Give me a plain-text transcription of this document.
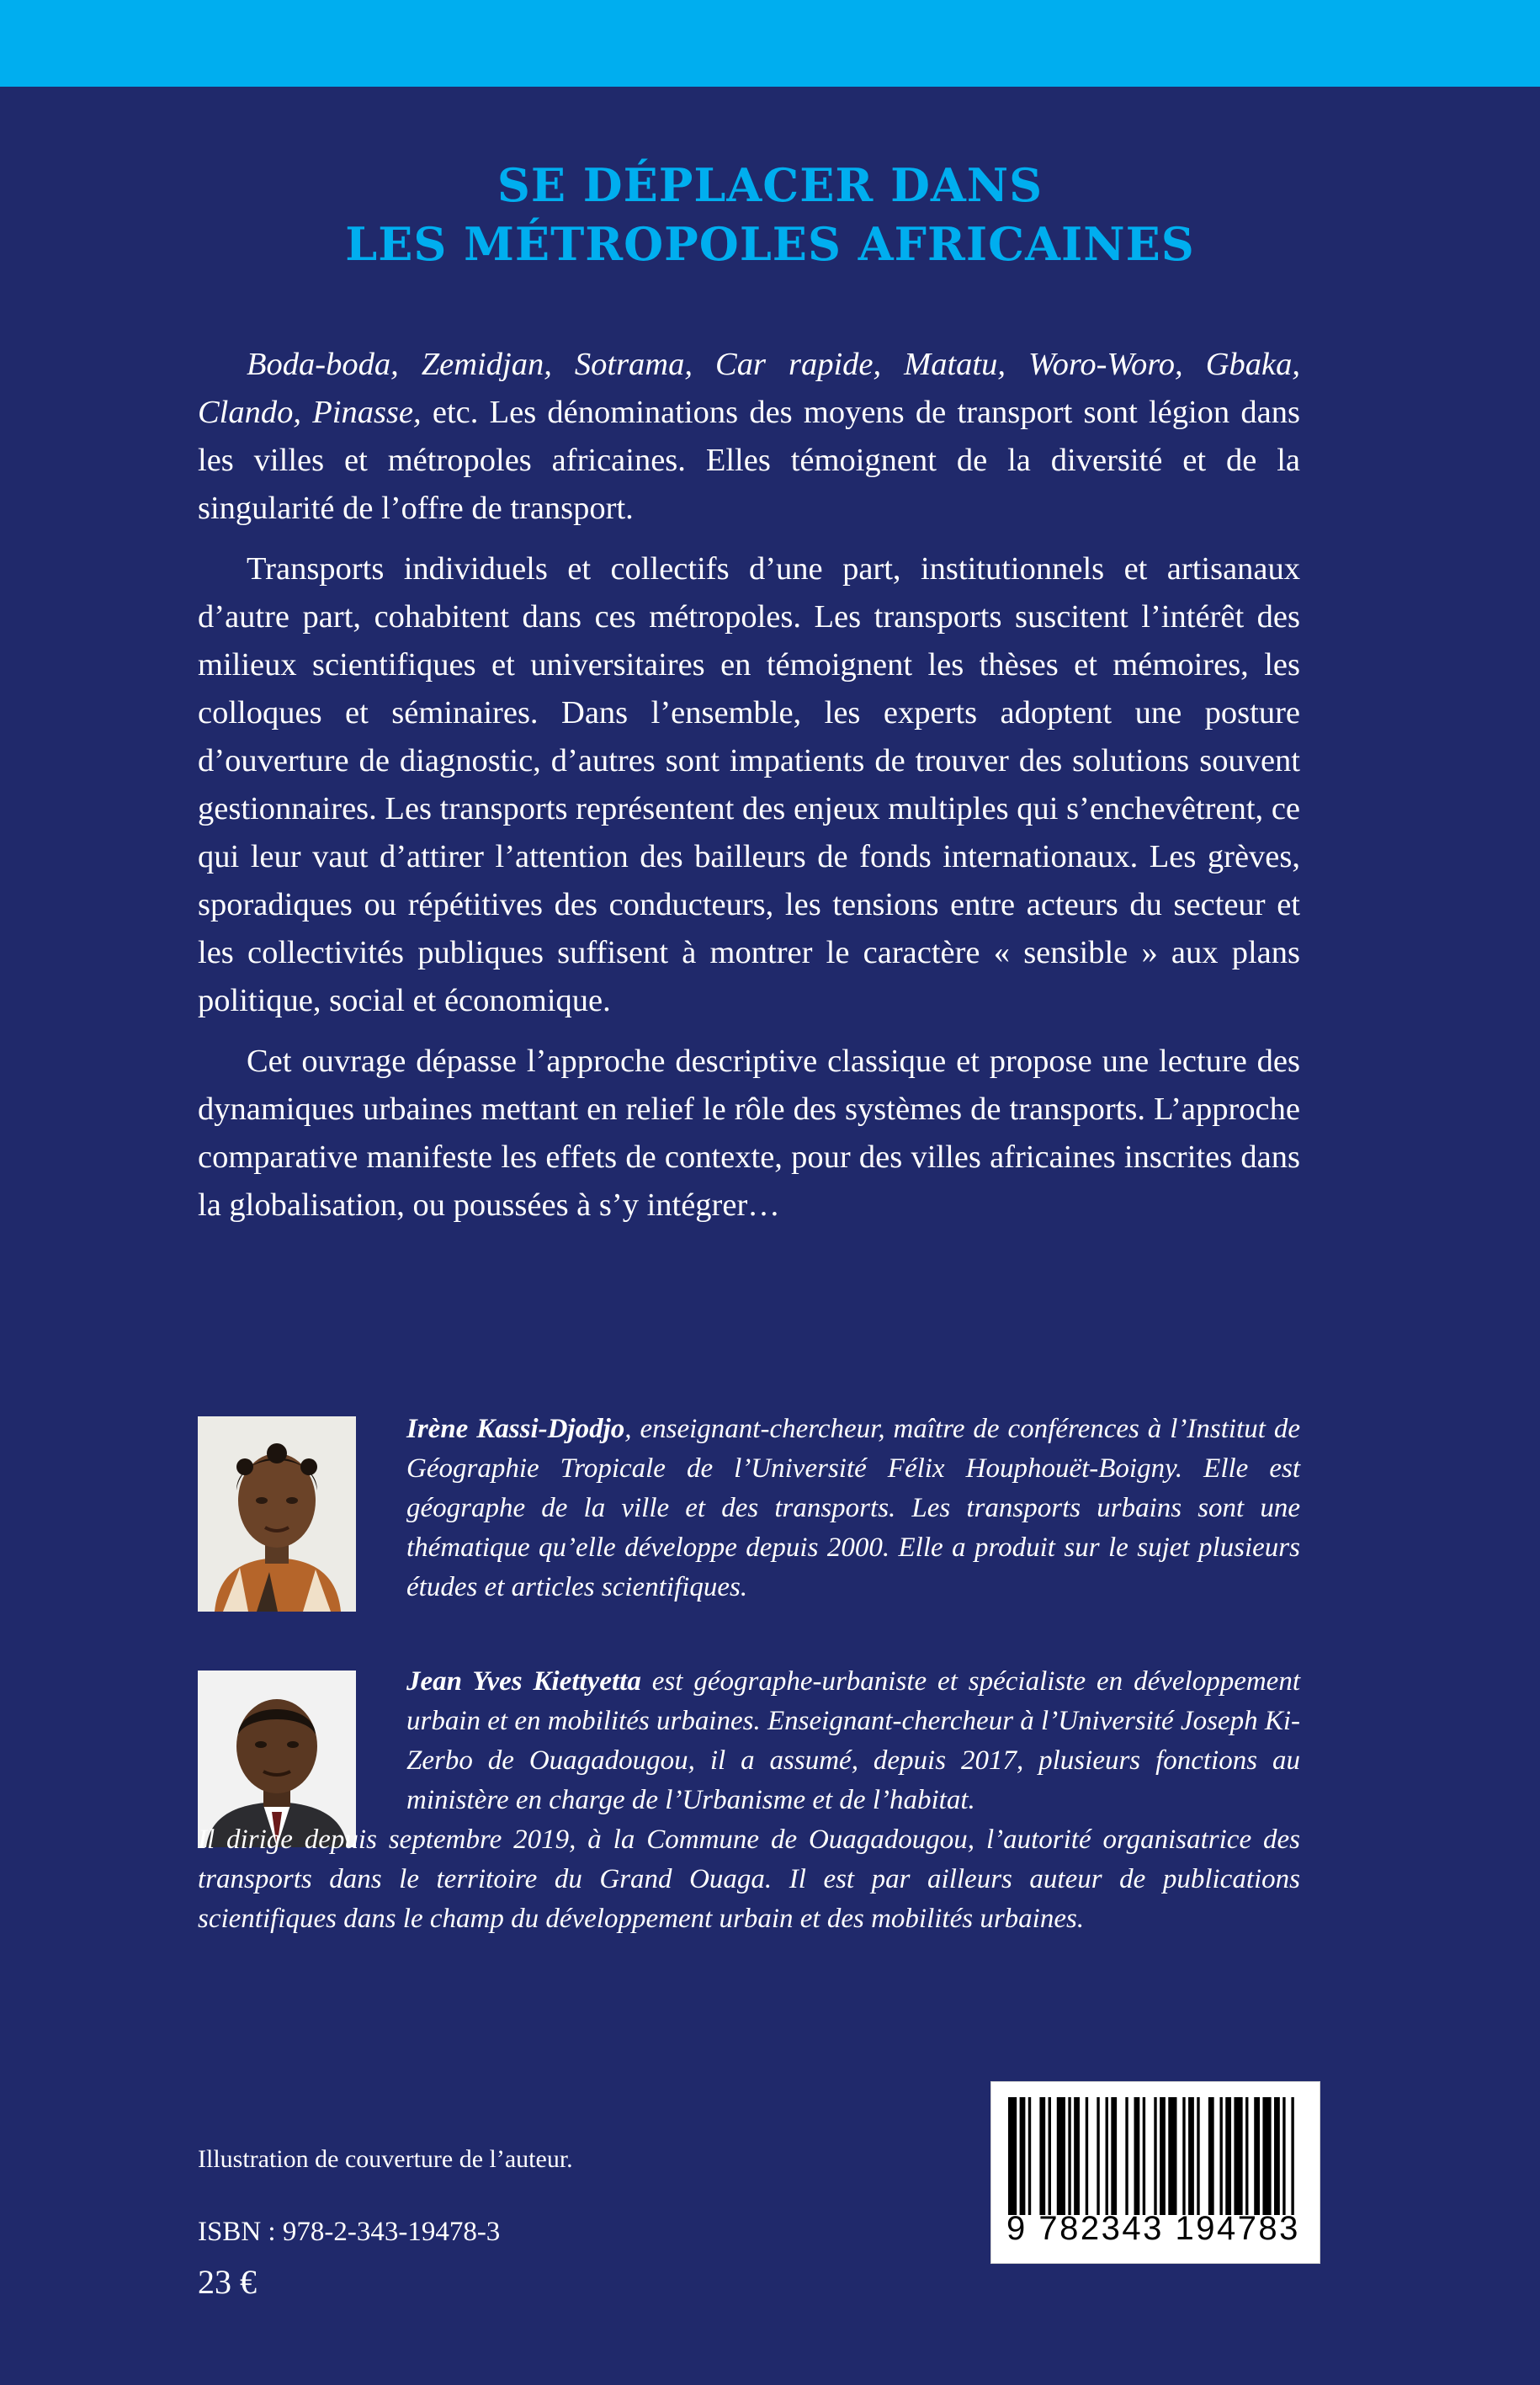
SE DÉPLACER DANS
LES MÉTROPOLES AFRICAINES

Boda-boda, Zemidjan, Sotrama, Car rapide, Matatu, Woro-Woro, Gbaka, Clando, Pinasse, etc. Les dénominations des moyens de transport sont légion dans les villes et métropoles africaines. Elles témoignent de la diversité et de la singularité de l’offre de transport.

Transports individuels et collectifs d’une part, institutionnels et artisanaux d’autre part, cohabitent dans ces métropoles. Les transports suscitent l’intérêt des milieux scientifiques et universitaires en témoignent les thèses et mémoires, les colloques et séminaires. Dans l’ensemble, les experts adoptent une posture d’ouverture de diagnostic, d’autres sont impatients de trouver des solutions souvent gestionnaires. Les transports représentent des enjeux multiples qui s’enchevêtrent, ce qui leur vaut d’attirer l’attention des bailleurs de fonds internationaux. Les grèves, sporadiques ou répétitives des conducteurs, les tensions entre acteurs du secteur et les collectivités publiques suffisent à montrer le caractère « sensible » aux plans politique, social et économique.

Cet ouvrage dépasse l’approche descriptive classique et propose une lecture des dynamiques urbaines mettant en relief le rôle des systèmes de transports. L’approche comparative manifeste les effets de contexte, pour des villes africaines inscrites dans la globalisation, ou poussées à s’y intégrer…

Irène Kassi-Djodjo, enseignant-chercheur, maître de conférences à l’Institut de Géographie Tropicale de l’Université Félix Houphouët-Boigny. Elle est géographe de la ville et des transports. Les transports urbains sont une thématique qu’elle développe depuis 2000. Elle a produit sur le sujet plusieurs études et articles scientifiques.

Jean Yves Kiettyetta est géographe-urbaniste et spécialiste en développement urbain et en mobilités urbaines. Enseignant-chercheur à l’Université Joseph Ki-Zerbo de Ouagadougou, il a assumé, depuis 2017, plusieurs fonctions au ministère en charge de l’Urbanisme et de l’habitat.

Il dirige depuis septembre 2019, à la Commune de Ouagadougou, l’autorité organisatrice des transports dans le territoire du Grand Ouaga. Il est par ailleurs auteur de publications scientifiques dans le champ du développement urbain et des mobilités urbaines.

Illustration de couverture de l’auteur.
ISBN : 978-2-343-19478-3
23 €
9 782343 194783
